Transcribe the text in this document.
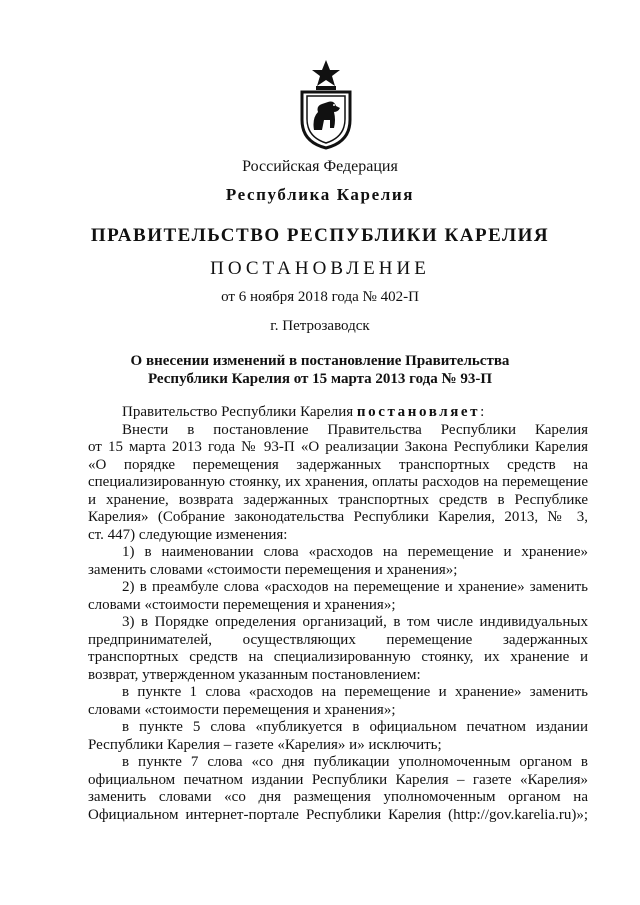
Российская Федерация
Республика Карелия
ПРАВИТЕЛЬСТВО РЕСПУБЛИКИ КАРЕЛИЯ
ПОСТАНОВЛЕНИЕ
от 6 ноября 2018 года № 402-П
г. Петрозаводск
О внесении изменений в постановление Правительства
Республики Карелия от 15 марта 2013 года № 93-П
Правительство Республики Карелия постановляет:
Внести в постановление Правительства Республики Карелия
от 15 марта 2013 года № 93-П «О реализации Закона Республики Карелия
«О порядке перемещения задержанных транспортных средств на
специализированную стоянку, их хранения, оплаты расходов на перемещение
и хранение, возврата задержанных транспортных средств в Республике
Карелия» (Собрание законодательства Республики Карелия, 2013, № 3,
ст. 447) следующие изменения:
1) в наименовании слова «расходов на перемещение и хранение»
заменить словами «стоимости перемещения и хранения»;
2) в преамбуле слова «расходов на перемещение и хранение» заменить
словами «стоимости перемещения и хранения»;
3) в Порядке определения организаций, в том числе индивидуальных
предпринимателей, осуществляющих перемещение задержанных
транспортных средств на специализированную стоянку, их хранение и
возврат, утвержденном указанным постановлением:
в пункте 1 слова «расходов на перемещение и хранение» заменить
словами «стоимости перемещения и хранения»;
в пункте 5 слова «публикуется в официальном печатном издании
Республики Карелия – газете «Карелия» и» исключить;
в пункте 7 слова «со дня публикации уполномоченным органом в
официальном печатном издании Республики Карелия – газете «Карелия»
заменить словами «со дня размещения уполномоченным органом на
Официальном интернет-портале Республики Карелия (http://gov.karelia.ru)»;
